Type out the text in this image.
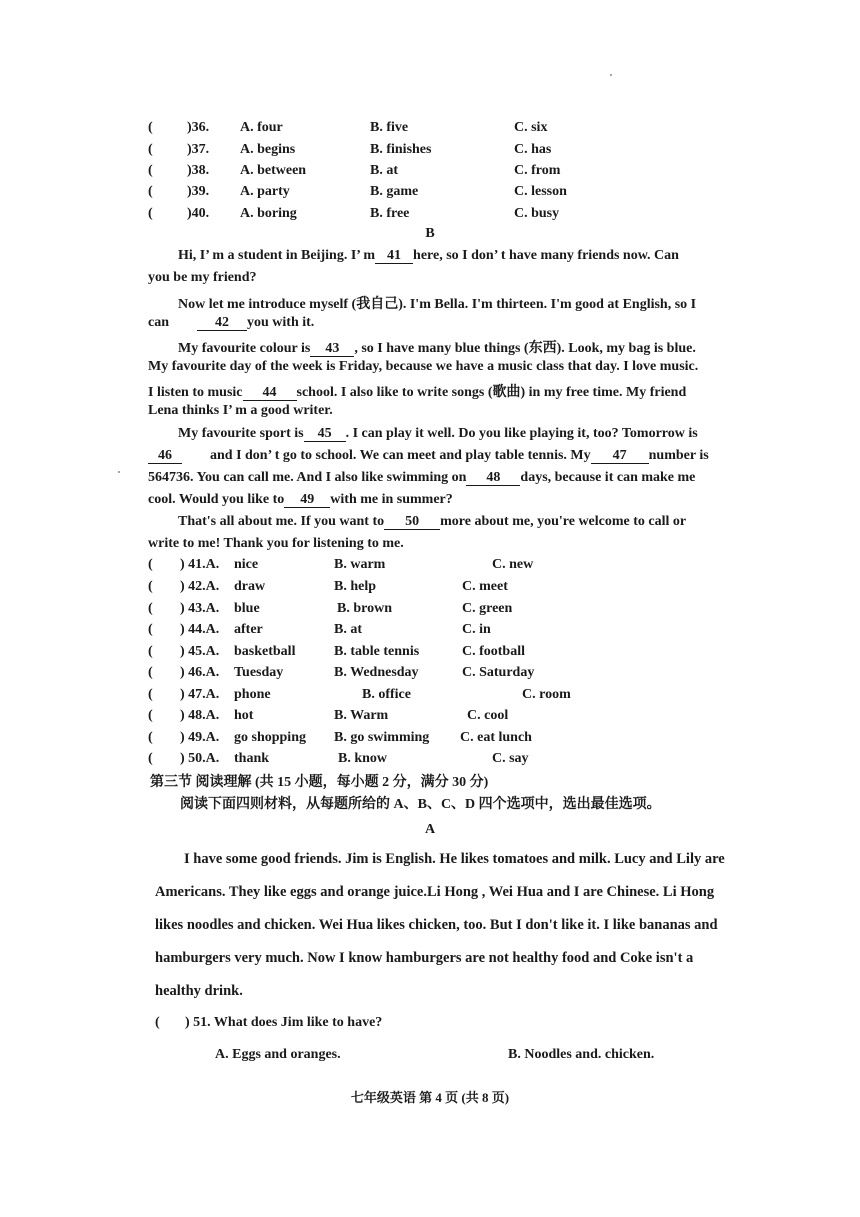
( )36. A. four	B. five	C. six
( )37. A. begins	B. finishes	C. has
( )38. A. between	B. at	C. from
( )39. A. party	B. game	C. lesson
( )40. A. boring	B. free	C. busy
B
Hi, I’ m a student in Beijing. I’ m 41 here, so I don’ t have many friends now. Can
you be my friend?
Now let me introduce myself (我自己). I'm Bella. I'm thirteen. I'm good at English, so I
can	42 you with it.
My favourite colour is 43 , so I have many blue things (东西). Look, my bag is blue.
My favourite day of the week is Friday, because we have a music class that day. I love music.
I listen to music 44 school. I also like to write songs (歌曲) in my free time. My friend
Lena thinks I’ m a good writer.
My favourite sport is 45 . I can play it well. Do you like playing it, too? Tomorrow is
46	and I don’ t go to school. We can meet and play table tennis. My 47 number is
564736. You can call me. And I also like swimming on 48 days, because it can make me
cool. Would you like to 49 with me in summer?
That's all about me. If you want to 50 more about me, you're welcome to call or
write to me! Thank you for listening to me.
( ) 41.A. nice	B. warm	C. new
( ) 42.A. draw	B. help	C. meet
( ) 43.A. blue	B. brown	C. green
( ) 44.A. after	B. at	C. in
( ) 45.A. basketball	B. table tennis	C. football
( ) 46.A. Tuesday	B. Wednesday	C. Saturday
( ) 47.A. phone	B. office	C. room
( ) 48.A. hot	B. Warm	C. cool
( ) 49.A. go shopping B. go swimming C. eat lunch
( ) 50.A. thank	B. know	C. say
第三节 阅读理解 (共 15 小题，每小题 2 分，满分 30 分)
阅读下面四则材料，从每题所给的 A、B、C、D 四个选项中，选出最佳选项。
A
I have some good friends. Jim is English. He likes tomatoes and milk. Lucy and Lily are
Americans. They like eggs and orange juice.Li Hong , Wei Hua and I are Chinese. Li Hong
likes noodles and chicken. Wei Hua likes chicken, too. But I don't like it. I like bananas and
hamburgers very much. Now I know hamburgers are not healthy food and Coke isn't a
healthy drink.
( ) 51. What does Jim like to have?
A. Eggs and oranges.	B. Noodles and. chicken.
七年级英语 第 4 页 (共 8 页)
